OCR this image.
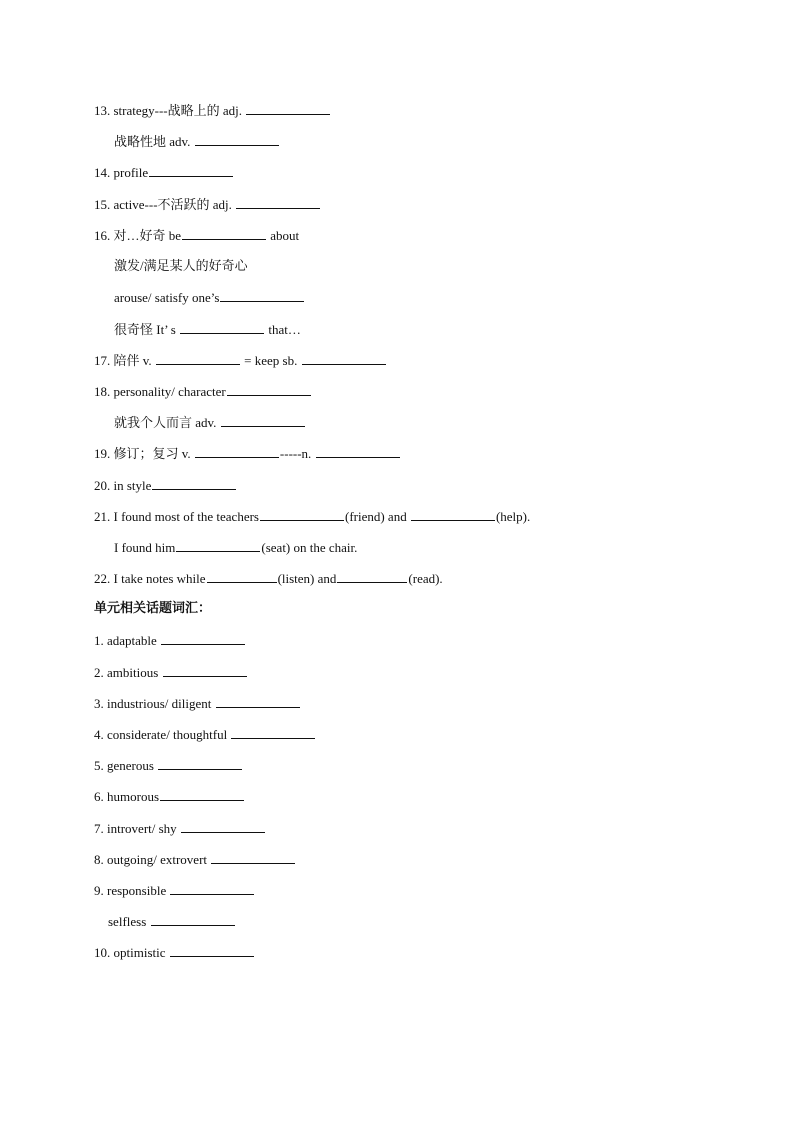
13. strategy---战略上的 adj.
战略性地 adv.
14. profile
15. active---不活跃的 adj.
16. 对…好奇 be	about
激发/满足某人的好奇心
arouse/ satisfy one’s
很奇怪 It’ s	that…
17. 陪伴 v.	= keep sb.
18. personality/ character
就我个人而言 adv.
19. 修订；复习 v.	-----n.
20. in style
21. I found most of the teachers	(friend) and	(help).
I found him	(seat) on the chair.
22. I take notes while	(listen) and	(read).
单元相关话题词汇：
1. adaptable
2. ambitious
3. industrious/ diligent
4. considerate/ thoughtful
5. generous
6. humorous
7. introvert/ shy
8. outgoing/ extrovert
9. responsible
selfless
10. optimistic
